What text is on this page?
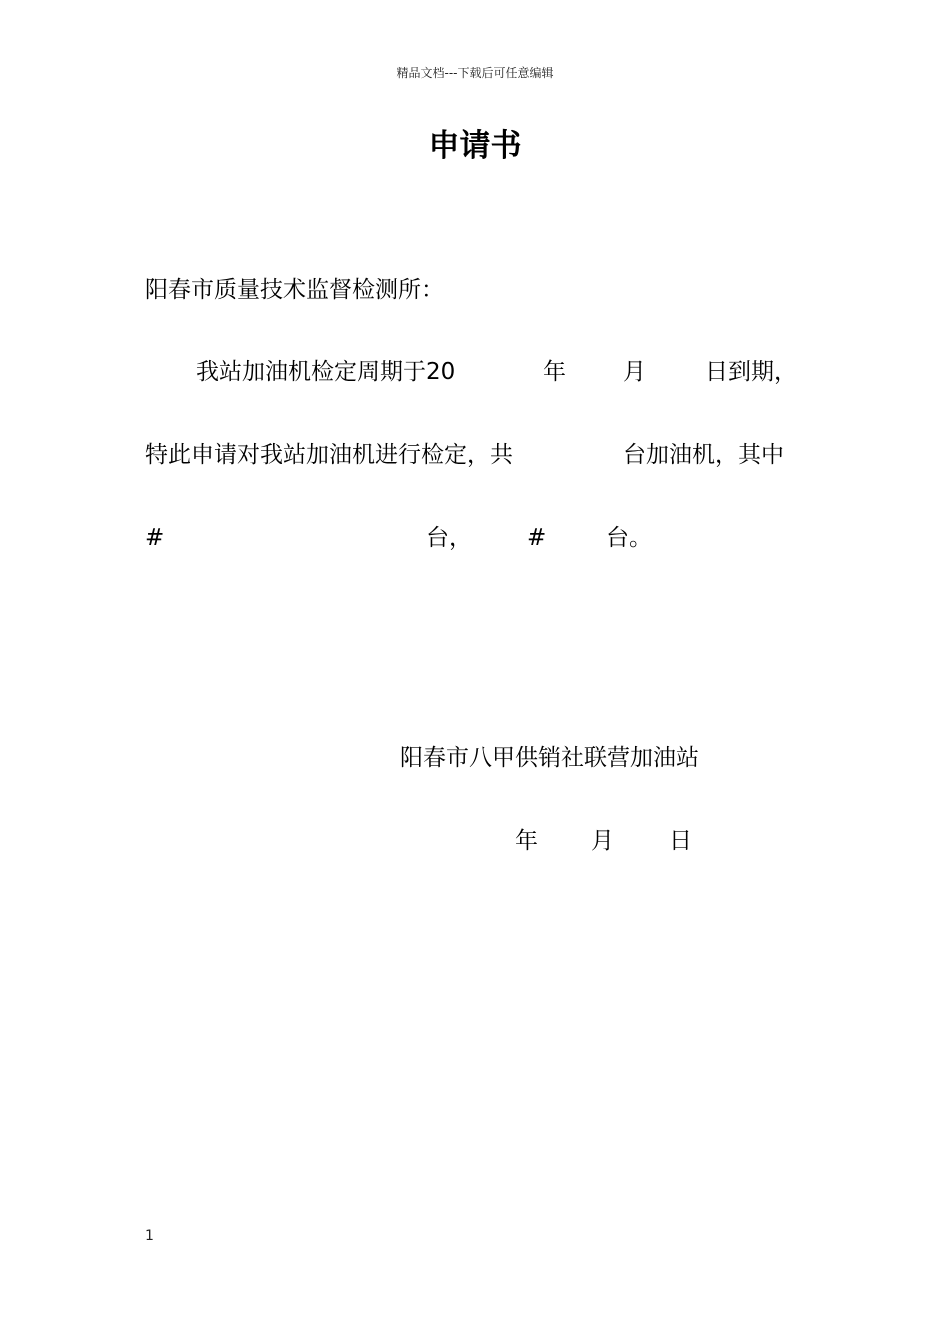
精品文档---下载后可任意编辑
申请书
阳春市质量技术监督检测所：
我站加油机检定周期于20	年 月	日到期，
特此申请对我站加油机进行检定，共	台加油机，其中
#	台， #	台。
阳春市八甲供销社联营加油站
年 月 日
1
